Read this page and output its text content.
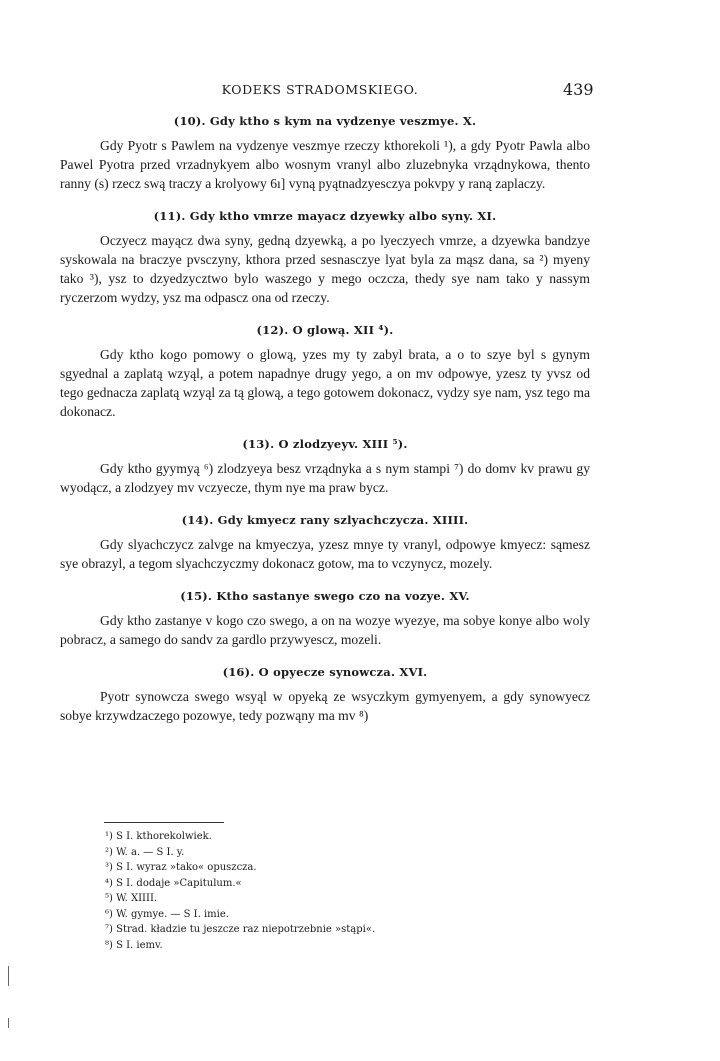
KODEKS STRADOMSKIEGO.	439
(10). Gdy ktho s kym na vydzenye veszmye. X.

Gdy Pyotr s Pawlem na vydzenye veszmye rzeczy kthorekoli ¹), a gdy Pyotr Pawla albo Pawel Pyotra przed vrzadnykyem albo wosnym vranyl albo zluzebnyka vrządnykowa, thento ranny (s) rzecz swą traczy a krolyowy 6ı] vyną pyątnadzyesczya pokvpy y raną zaplaczy.

(11). Gdy ktho vmrze mayacz dzyewky albo syny. XI.

Oczyecz mayącz dwa syny, gedną dzyewką, a po lyeczyech vmrze, a dzyewka bandzye syskowala na braczye pvsczyny, kthora przed sesnasczye lyat byla za mąsz dana, sa ²) myeny tako ³), ysz to dzyedzycztwo bylo waszego y mego oczcza, thedy sye nam tako y nassym ryczerzom wydzy, ysz ma odpascz ona od rzeczy.

(12). O glową. XII ⁴).

Gdy ktho kogo pomowy o glową, yzes my ty zabyl brata, a o to szye byl s gynym sgyednal a zaplatą wzyąl, a potem napadnye drugy yego, a on mv odpowye, yzesz ty yvsz od tego gednacza zaplatą wzyąl za tą glową, a tego gotowem dokonacz, vydzy sye nam, ysz tego ma dokonacz.

(13). O zlodzyeyv. XIII ⁵).

Gdy ktho gyymyą ⁶) zlodzyeya besz vrządnyka a s nym stampi ⁷) do domv kv prawu gy wyodącz, a zlodzyey mv vczyecze, thym nye ma praw bycz.

(14). Gdy kmyecz rany szlyachczycza. XIIII.

Gdy slyachczycz zalvge na kmyeczya, yzesz mnye ty vranyl, odpowye kmyecz: sąmesz sye obrazyl, a tegom slyachczyczmy dokonacz gotow, ma to vczynycz, mozely.

(15). Ktho sastanye swego czo na vozye. XV.

Gdy ktho zastanye v kogo czo swego, a on na wozye wyezye, ma sobye konye albo woly pobracz, a samego do sandv za gardlo przywyescz, mozeli.

(16). O opyecze synowcza. XVI.

Pyotr synowcza swego wsyąl w opyeką ze wsyczkym gymyenyem, a gdy synowyecz sobye krzywdzaczego pozowye, tedy pozwąny ma mv ⁸)

¹) S I. kthorekolwiek.
²) W. a. — S I. y.
³) S I. wyraz »tako« opuszcza.
⁴) S I. dodaje »Capitulum.«
⁵) W. XIIII.
⁶) W. gymye. — S I. imie.
⁷) Strad. kładzie tu jeszcze raz niepotrzebnie »stąpi«.
⁸) S I. iemv.
